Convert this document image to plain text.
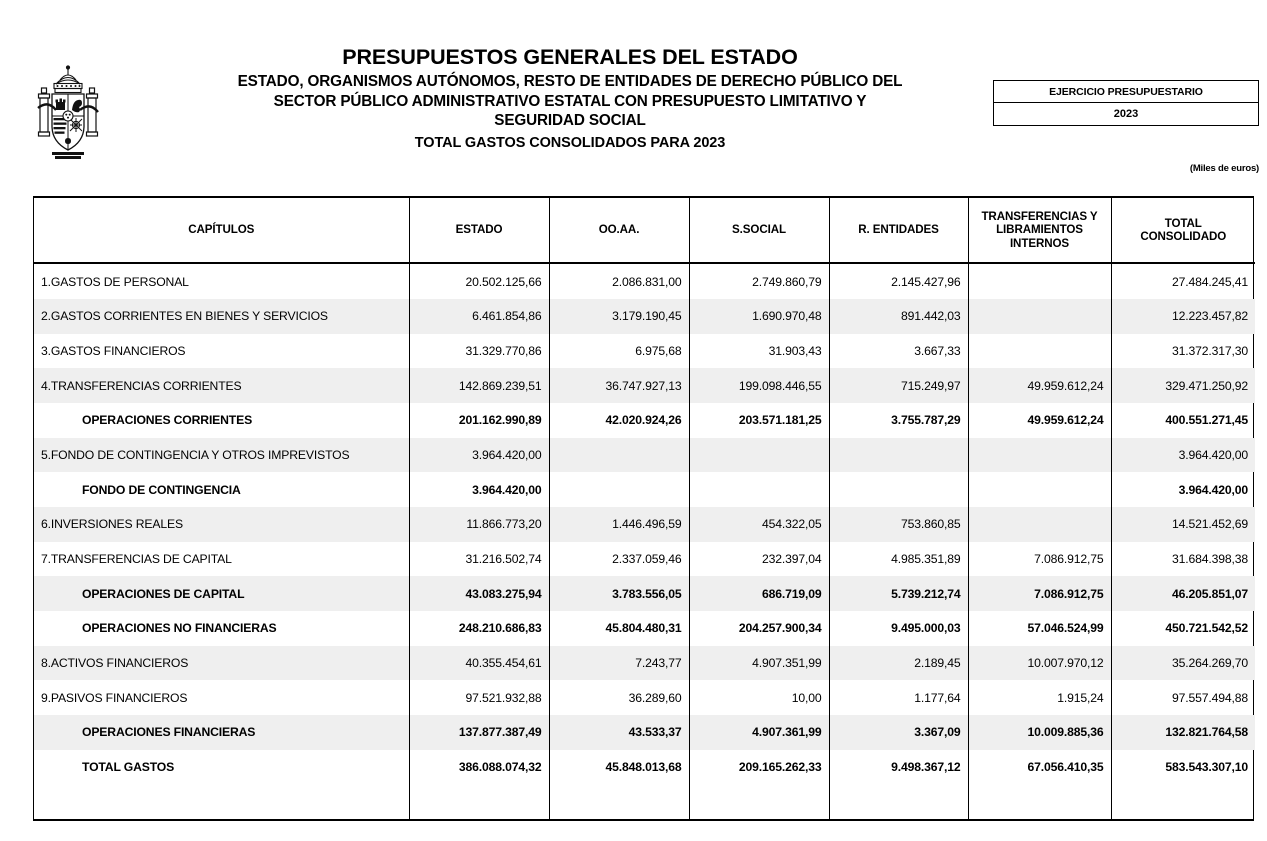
PRESUPUESTOS GENERALES DEL ESTADO
ESTADO, ORGANISMOS AUTÓNOMOS, RESTO DE ENTIDADES DE DERECHO PÚBLICO DEL
SECTOR PÚBLICO ADMINISTRATIVO ESTATAL CON PRESUPUESTO LIMITATIVO Y
SEGURIDAD SOCIAL
TOTAL GASTOS CONSOLIDADOS PARA 2023
EJERCICIO PRESUPUESTARIO
2023
(Miles de euros)
CAPÍTULOS	ESTADO	OO.AA.	S.SOCIAL	R. ENTIDADES	TRANSFERENCIAS Y
LIBRAMIENTOS
INTERNOS	TOTAL
CONSOLIDADO
1.GASTOS DE PERSONAL	20.502.125,66	2.086.831,00	2.749.860,79	2.145.427,96		27.484.245,41
2.GASTOS CORRIENTES EN BIENES Y SERVICIOS	6.461.854,86	3.179.190,45	1.690.970,48	891.442,03		12.223.457,82
3.GASTOS FINANCIEROS	31.329.770,86	6.975,68	31.903,43	3.667,33		31.372.317,30
4.TRANSFERENCIAS CORRIENTES	142.869.239,51	36.747.927,13	199.098.446,55	715.249,97	49.959.612,24	329.471.250,92
OPERACIONES CORRIENTES	201.162.990,89	42.020.924,26	203.571.181,25	3.755.787,29	49.959.612,24	400.551.271,45
5.FONDO DE CONTINGENCIA Y OTROS IMPREVISTOS	3.964.420,00					3.964.420,00
FONDO DE CONTINGENCIA	3.964.420,00					3.964.420,00
6.INVERSIONES REALES	11.866.773,20	1.446.496,59	454.322,05	753.860,85		14.521.452,69
7.TRANSFERENCIAS DE CAPITAL	31.216.502,74	2.337.059,46	232.397,04	4.985.351,89	7.086.912,75	31.684.398,38
OPERACIONES DE CAPITAL	43.083.275,94	3.783.556,05	686.719,09	5.739.212,74	7.086.912,75	46.205.851,07
OPERACIONES NO FINANCIERAS	248.210.686,83	45.804.480,31	204.257.900,34	9.495.000,03	57.046.524,99	450.721.542,52
8.ACTIVOS FINANCIEROS	40.355.454,61	7.243,77	4.907.351,99	2.189,45	10.007.970,12	35.264.269,70
9.PASIVOS FINANCIEROS	97.521.932,88	36.289,60	10,00	1.177,64	1.915,24	97.557.494,88
OPERACIONES FINANCIERAS	137.877.387,49	43.533,37	4.907.361,99	3.367,09	10.009.885,36	132.821.764,58
TOTAL GASTOS	386.088.074,32	45.848.013,68	209.165.262,33	9.498.367,12	67.056.410,35	583.543.307,10
